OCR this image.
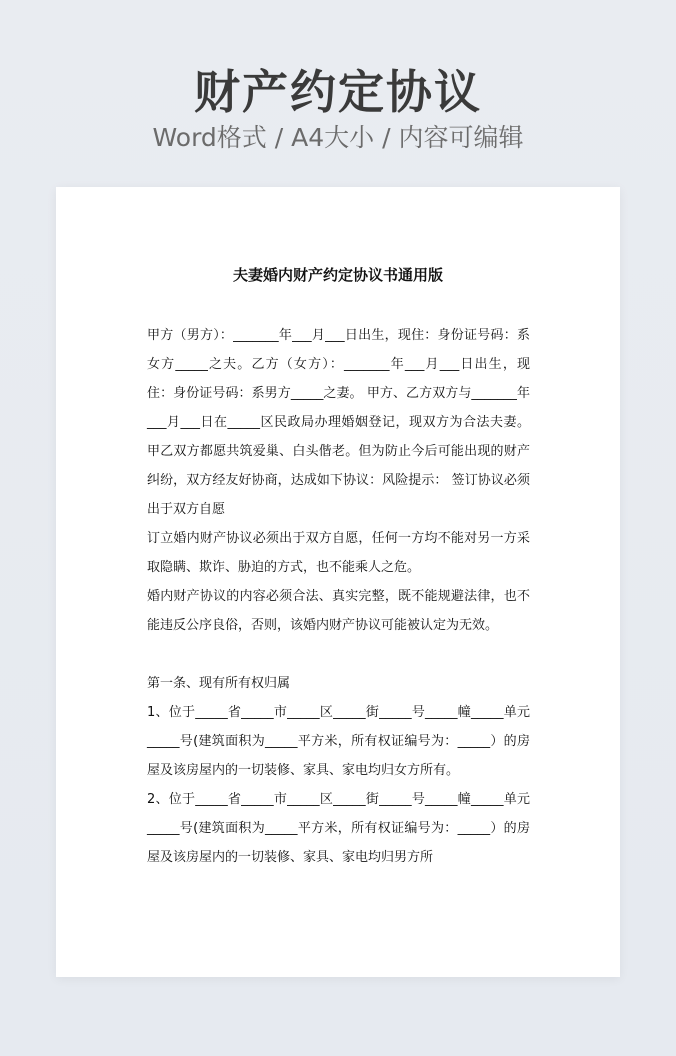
财产约定协议
Word格式 / A4大小 / 内容可编辑
夫妻婚内财产约定协议书通用版

甲方（男方）：_______年___月___日出生，现住：身份证号码：系女方_____之夫。乙方（女方）：_______年___月___日出生，现住：身份证号码：系男方_____之妻。 甲方、乙方双方与_______年___月___日在_____区民政局办理婚姻登记，现双方为合法夫妻。甲乙双方都愿共筑爱巢、白头偕老。但为防止今后可能出现的财产纠纷，双方经友好协商，达成如下协议：风险提示： 签订协议必须出于双方自愿

订立婚内财产协议必须出于双方自愿，任何一方均不能对另一方采取隐瞒、欺诈、胁迫的方式，也不能乘人之危。

婚内财产协议的内容必须合法、真实完整，既不能规避法律，也不能违反公序良俗，否则，该婚内财产协议可能被认定为无效。

第一条、现有所有权归属

1、位于_____省_____市_____区_____街_____号_____幢_____单元_____号(建筑面积为_____平方米，所有权证编号为：_____）的房屋及该房屋内的一切装修、家具、家电均归女方所有。

2、位于_____省_____市_____区_____街_____号_____幢_____单元_____号(建筑面积为_____平方米，所有权证编号为：_____）的房屋及该房屋内的一切装修、家具、家电均归男方所
